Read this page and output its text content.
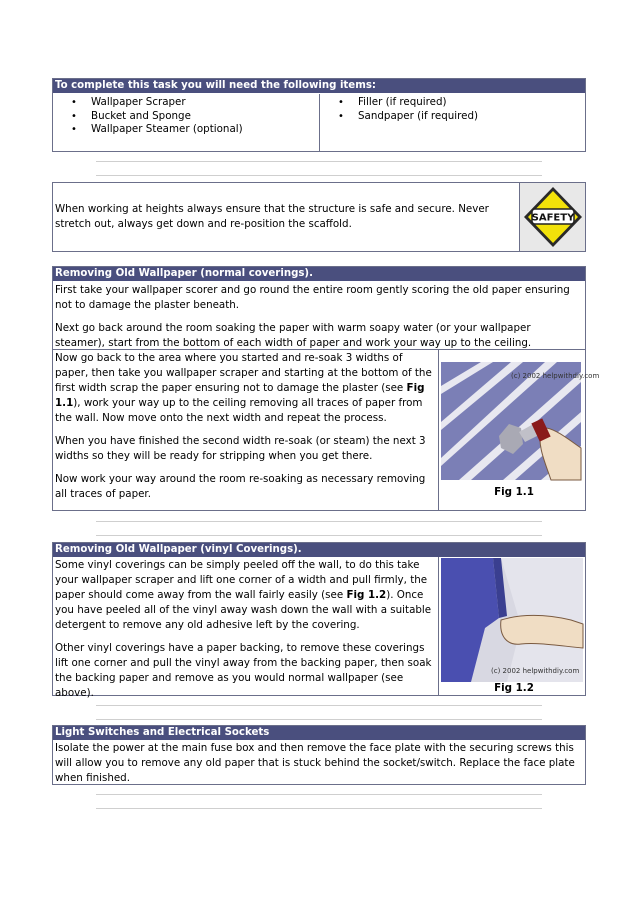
To complete this task you will need the following items:
• Wallpaper Scraper
• Bucket and Sponge
• Wallpaper Steamer (optional)
• Filler (if required)
• Sandpaper (if required)
When working at heights always ensure that the structure is safe and secure. Never stretch out, always get down and re-position the scaffold.	SAFETY
Removing Old Wallpaper (normal coverings).

First take your wallpaper scorer and go round the entire room gently scoring the old paper ensuring not to damage the plaster beneath.

Next go back around the room soaking the paper with warm soapy water (or your wallpaper steamer), start from the bottom of each width of paper and work your way up to the ceiling.

Now go back to the area where you started and re-soak 3 widths of paper, then take you wallpaper scraper and starting at the bottom of the first width scrap the paper ensuring not to damage the plaster (see Fig 1.1), work your way up to the ceiling removing all traces of paper from the wall. Now move onto the next width and repeat the process.

When you have finished the second width re-soak (or steam) the next 3 widths so they will be ready for stripping when you get there.

Now work your way around the room re-soaking as necessary removing all traces of paper.

(c) 2002 helpwithdiy.com
Fig 1.1
Removing Old Wallpaper (vinyl Coverings).

Some vinyl coverings can be simply peeled off the wall, to do this take your wallpaper scraper and lift one corner of a width and pull firmly, the paper should come away from the wall fairly easily (see Fig 1.2). Once you have peeled all of the vinyl away wash down the wall with a suitable detergent to remove any old adhesive left by the covering.

Other vinyl coverings have a paper backing, to remove these coverings lift one corner and pull the vinyl away from the backing paper, then soak the backing paper and remove as you would normal wallpaper (see above).

(c) 2002 helpwithdiy.com
Fig 1.2
Light Switches and Electrical Sockets
Isolate the power at the main fuse box and then remove the face plate with the securing screws this will allow you to remove any old paper that is stuck behind the socket/switch. Replace the face plate when finished.
